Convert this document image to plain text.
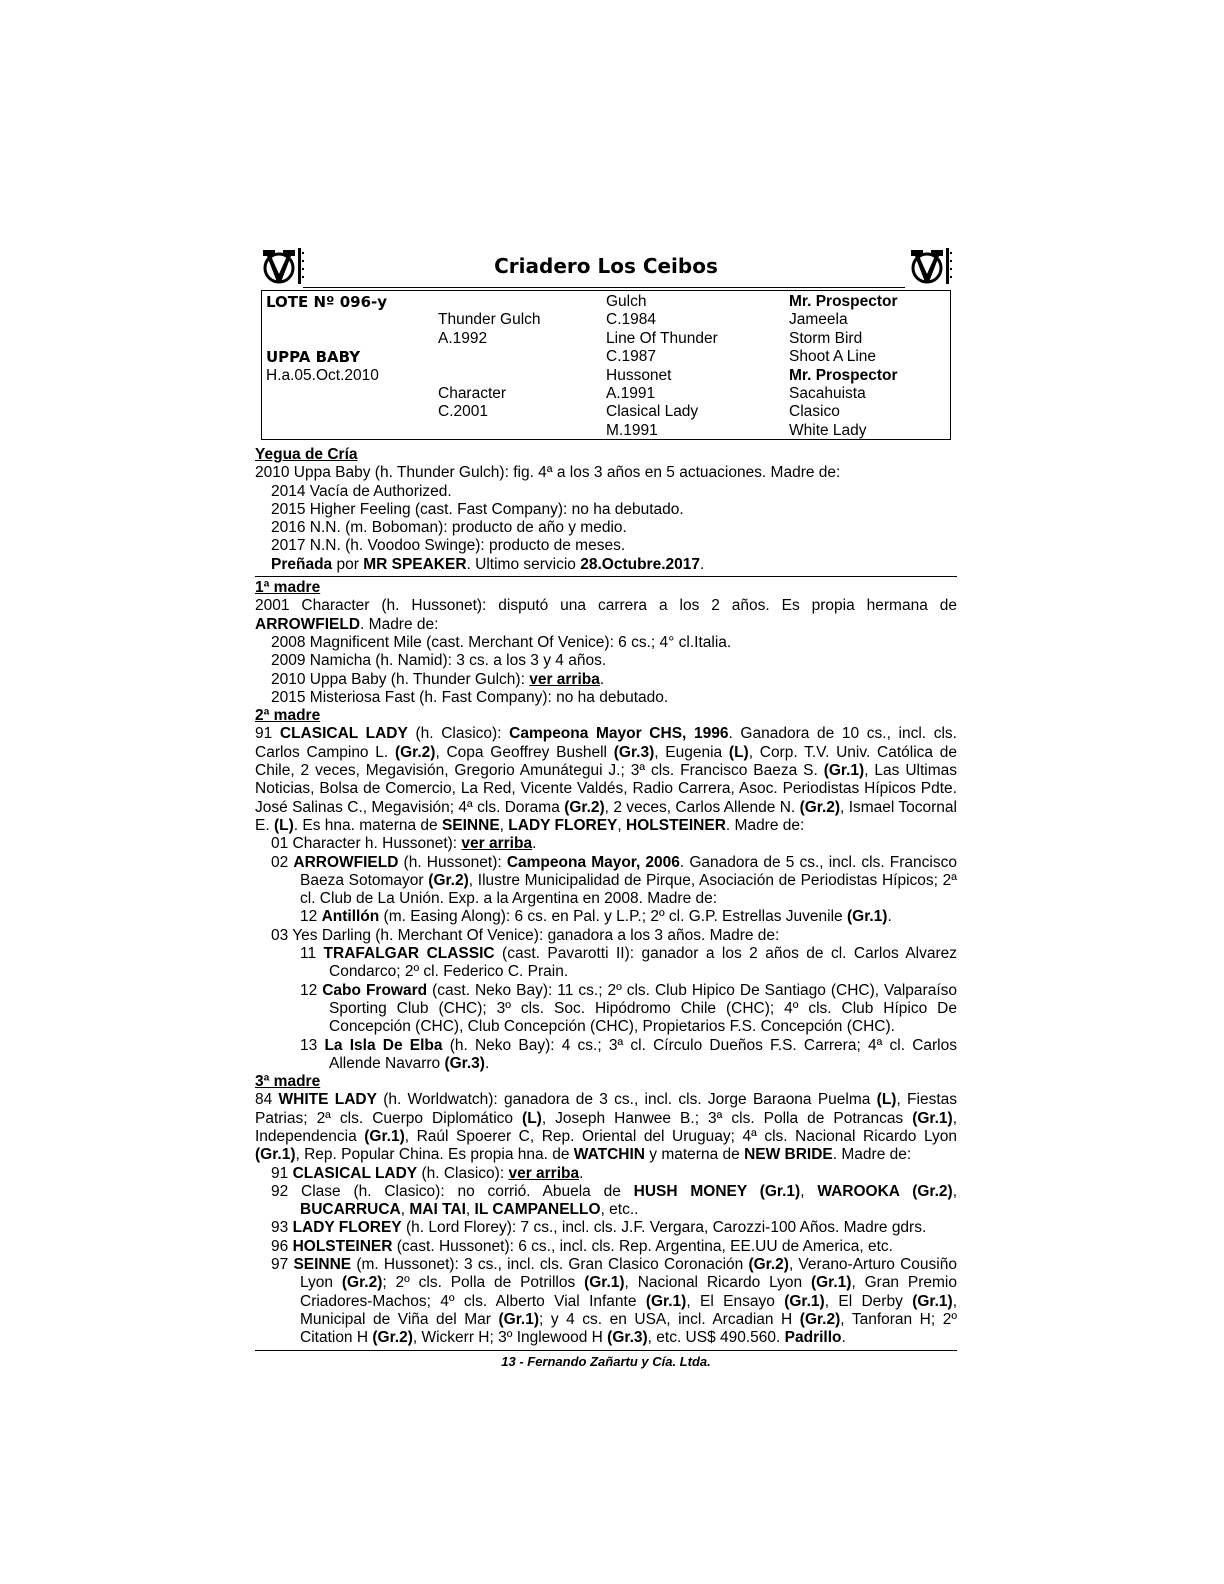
Criadero Los Ceibos
LOTE Nº 096-y
UPPA BABY
H.a.05.Oct.2010
Thunder Gulch
A.1992
Character
C.2001
Gulch
C.1984
Line Of Thunder
C.1987
Hussonet
A.1991
Clasical Lady
M.1991
Mr. Prospector
Jameela
Storm Bird
Shoot A Line
Mr. Prospector
Sacahuista
Clasico
White Lady
Yegua de Cría
2010 Uppa Baby (h. Thunder Gulch): fig. 4ª a los 3 años en 5 actuaciones. Madre de:
2014 Vacía de Authorized.
2015 Higher Feeling (cast. Fast Company): no ha debutado.
2016 N.N. (m. Boboman): producto de año y medio.
2017 N.N. (h. Voodoo Swinge): producto de meses.
Preñada por MR SPEAKER. Ultimo servicio 28.Octubre.2017.
1ª madre
2001 Character (h. Hussonet): disputó una carrera a los 2 años. Es propia hermana de ARROWFIELD. Madre de:
2008 Magnificent Mile (cast. Merchant Of Venice): 6 cs.; 4° cl.Italia.
2009 Namicha (h. Namid): 3 cs. a los 3 y 4 años.
2010 Uppa Baby (h. Thunder Gulch): ver arriba.
2015 Misteriosa Fast (h. Fast Company): no ha debutado.
2ª madre
91 CLASICAL LADY (h. Clasico): Campeona Mayor CHS, 1996. Ganadora de 10 cs., incl. cls. Carlos Campino L. (Gr.2), Copa Geoffrey Bushell (Gr.3), Eugenia (L), Corp. T.V. Univ. Católica de Chile, 2 veces, Megavisión, Gregorio Amunátegui J.; 3ª cls. Francisco Baeza S. (Gr.1), Las Ultimas Noticias, Bolsa de Comercio, La Red, Vicente Valdés, Radio Carrera, Asoc. Periodistas Hípicos Pdte. José Salinas C., Megavisión; 4ª cls. Dorama (Gr.2), 2 veces, Carlos Allende N. (Gr.2), Ismael Tocornal E. (L). Es hna. materna de SEINNE, LADY FLOREY, HOLSTEINER. Madre de:
01 Character h. Hussonet): ver arriba.
02 ARROWFIELD (h. Hussonet): Campeona Mayor, 2006. Ganadora de 5 cs., incl. cls. Francisco Baeza Sotomayor (Gr.2), Ilustre Municipalidad de Pirque, Asociación de Periodistas Hípicos; 2ª cl. Club de La Unión. Exp. a la Argentina en 2008. Madre de:
12 Antillón (m. Easing Along): 6 cs. en Pal. y L.P.; 2º cl. G.P. Estrellas Juvenile (Gr.1).
03 Yes Darling (h. Merchant Of Venice): ganadora a los 3 años. Madre de:
11 TRAFALGAR CLASSIC (cast. Pavarotti II): ganador a los 2 años de cl. Carlos Alvarez Condarco; 2º cl. Federico C. Prain.
12 Cabo Froward (cast. Neko Bay): 11 cs.; 2º cls. Club Hipico De Santiago (CHC), Valparaíso Sporting Club (CHC); 3º cls. Soc. Hipódromo Chile (CHC); 4º cls. Club Hípico De Concepción (CHC), Club Concepción (CHC), Propietarios F.S. Concepción (CHC).
13 La Isla De Elba (h. Neko Bay): 4 cs.; 3ª cl. Círculo Dueños F.S. Carrera; 4ª cl. Carlos Allende Navarro (Gr.3).
3ª madre
84 WHITE LADY (h. Worldwatch): ganadora de 3 cs., incl. cls. Jorge Baraona Puelma (L), Fiestas Patrias; 2ª cls. Cuerpo Diplomático (L), Joseph Hanwee B.; 3ª cls. Polla de Potrancas (Gr.1), Independencia (Gr.1), Raúl Spoerer C, Rep. Oriental del Uruguay; 4ª cls. Nacional Ricardo Lyon (Gr.1), Rep. Popular China. Es propia hna. de WATCHIN y materna de NEW BRIDE. Madre de:
91 CLASICAL LADY (h. Clasico): ver arriba.
92 Clase (h. Clasico): no corrió. Abuela de HUSH MONEY (Gr.1), WAROOKA (Gr.2), BUCARRUCA, MAI TAI, IL CAMPANELLO, etc..
93 LADY FLOREY (h. Lord Florey): 7 cs., incl. cls. J.F. Vergara, Carozzi-100 Años. Madre gdrs.
96 HOLSTEINER (cast. Hussonet): 6 cs., incl. cls. Rep. Argentina, EE.UU de America, etc.
97 SEINNE (m. Hussonet): 3 cs., incl. cls. Gran Clasico Coronación (Gr.2), Verano-Arturo Cousiño Lyon (Gr.2); 2º cls. Polla de Potrillos (Gr.1), Nacional Ricardo Lyon (Gr.1), Gran Premio Criadores-Machos; 4º cls. Alberto Vial Infante (Gr.1), El Ensayo (Gr.1), El Derby (Gr.1), Municipal de Viña del Mar (Gr.1); y 4 cs. en USA, incl. Arcadian H (Gr.2), Tanforan H; 2º Citation H (Gr.2), Wickerr H; 3º Inglewood H (Gr.3), etc. US$ 490.560. Padrillo.
13 - Fernando Zañartu y Cía. Ltda.
